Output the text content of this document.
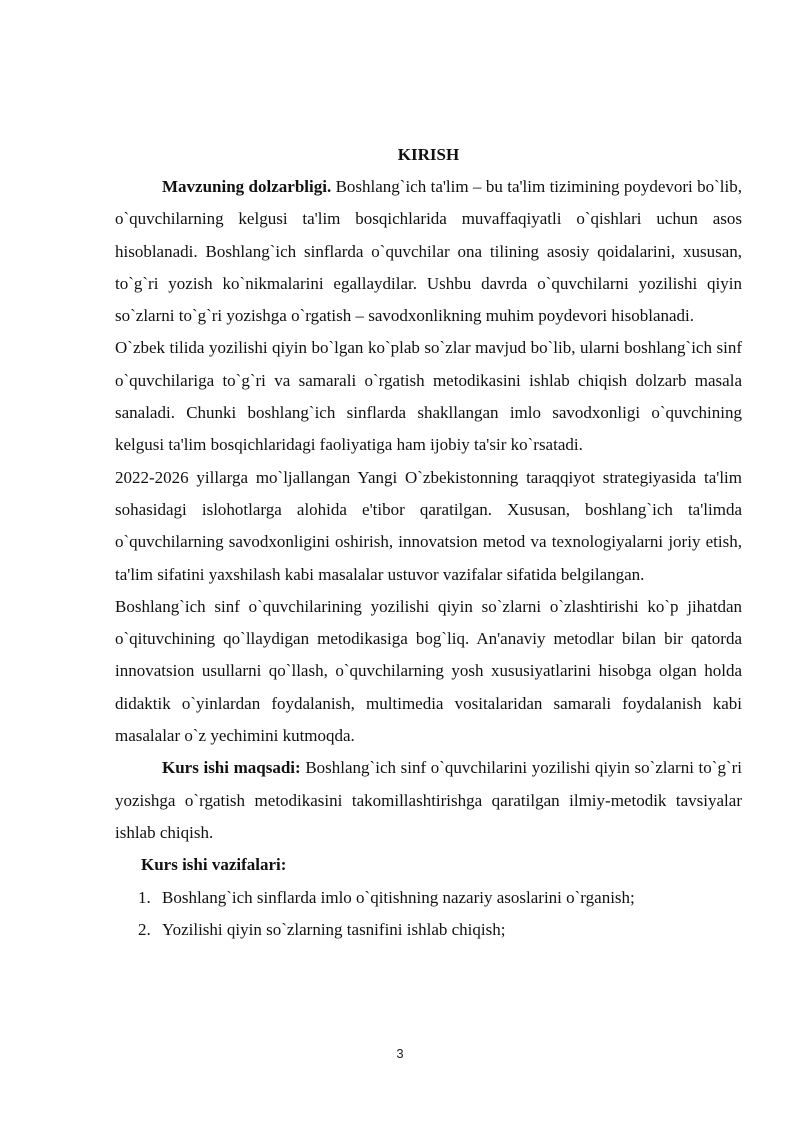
KIRISH

Mavzuning dolzarbligi. Boshlang`ich ta'lim – bu ta'lim tizimining poydevori bo`lib, o`quvchilarning kelgusi ta'lim bosqichlarida muvaffaqiyatli o`qishlari uchun asos hisoblanadi. Boshlang`ich sinflarda o`quvchilar ona tilining asosiy qoidalarini, xususan, to`g`ri yozish ko`nikmalarini egallaydilar. Ushbu davrda o`quvchilarni yozilishi qiyin so`zlarni to`g`ri yozishga o`rgatish – savodxonlikning muhim poydevori hisoblanadi.

O`zbek tilida yozilishi qiyin bo`lgan ko`plab so`zlar mavjud bo`lib, ularni boshlang`ich sinf o`quvchilariga to`g`ri va samarali o`rgatish metodikasini ishlab chiqish dolzarb masala sanaladi. Chunki boshlang`ich sinflarda shakllangan imlo savodxonligi o`quvchining kelgusi ta'lim bosqichlaridagi faoliyatiga ham ijobiy ta'sir ko`rsatadi.

2022-2026 yillarga mo`ljallangan Yangi O`zbekistonning taraqqiyot strategiyasida ta'lim sohasidagi islohotlarga alohida e'tibor qaratilgan. Xususan, boshlang`ich ta'limda o`quvchilarning savodxonligini oshirish, innovatsion metod va texnologiyalarni joriy etish, ta'lim sifatini yaxshilash kabi masalalar ustuvor vazifalar sifatida belgilangan.

Boshlang`ich sinf o`quvchilarining yozilishi qiyin so`zlarni o`zlashtirishi ko`p jihatdan o`qituvchining qo`llaydigan metodikasiga bog`liq. An'anaviy metodlar bilan bir qatorda innovatsion usullarni qo`llash, o`quvchilarning yosh xususiyatlarini hisobga olgan holda didaktik o`yinlardan foydalanish, multimedia vositalaridan samarali foydalanish kabi masalalar o`z yechimini kutmoqda.

Kurs ishi maqsadi: Boshlang`ich sinf o`quvchilarini yozilishi qiyin so`zlarni to`g`ri yozishga o`rgatish metodikasini takomillashtirishga qaratilgan ilmiy-metodik tavsiyalar ishlab chiqish.

Kurs ishi vazifalari:
1. Boshlang`ich sinflarda imlo o`qitishning nazariy asoslarini o`rganish;
2. Yozilishi qiyin so`zlarning tasnifini ishlab chiqish;
3
